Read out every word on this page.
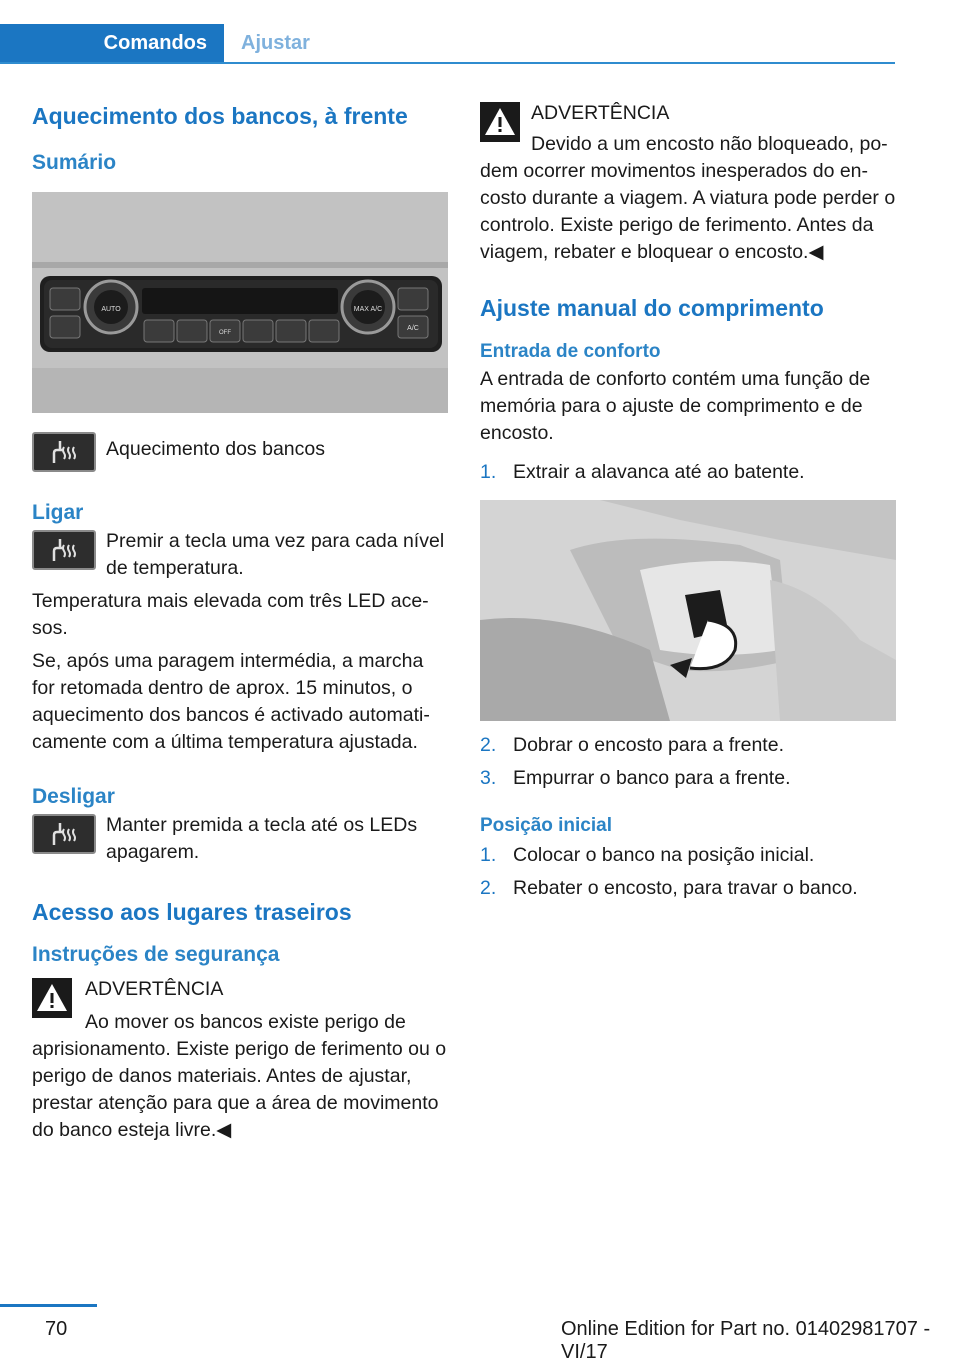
Comandos	Ajustar
Aquecimento dos bancos, à frente
Sumário
AUTO	MAX A/C
A/C
OFF

Aquecimento dos bancos

Ligar

Premir a tecla uma vez para cada nível de temperatura.

Temperatura mais elevada com três LED ace-sos.

Se, após uma paragem intermédia, a marcha for retomada dentro de aprox. 15 minutos, o aquecimento dos bancos é activado automati-camente com a última temperatura ajustada.

Desligar

Manter premida a tecla até os LEDs apagarem.

Acesso aos lugares traseiros
Instruções de segurança

ADVERTÊNCIA

Ao mover os bancos existe perigo de aprisionamento. Existe perigo de ferimento ou o perigo de danos materiais. Antes de ajustar, prestar atenção para que a área de movimento do banco esteja livre.◀

ADVERTÊNCIA

Devido a um encosto não bloqueado, po-dem ocorrer movimentos inesperados do en-costo durante a viagem. A viatura pode perder o controlo. Existe perigo de ferimento. Antes da viagem, rebater e bloquear o encosto.◀

Ajuste manual do comprimento
Entrada de conforto

A entrada de conforto contém uma função de memória para o ajuste de comprimento e de encosto.

1. Extrair a alavanca até ao batente.
2. Dobrar o encosto para a frente.
3. Empurrar o banco para a frente.
Posição inicial
1. Colocar o banco na posição inicial.
2. Rebater o encosto, para travar o banco.
70	Online Edition for Part no. 01402981707 - VI/17
